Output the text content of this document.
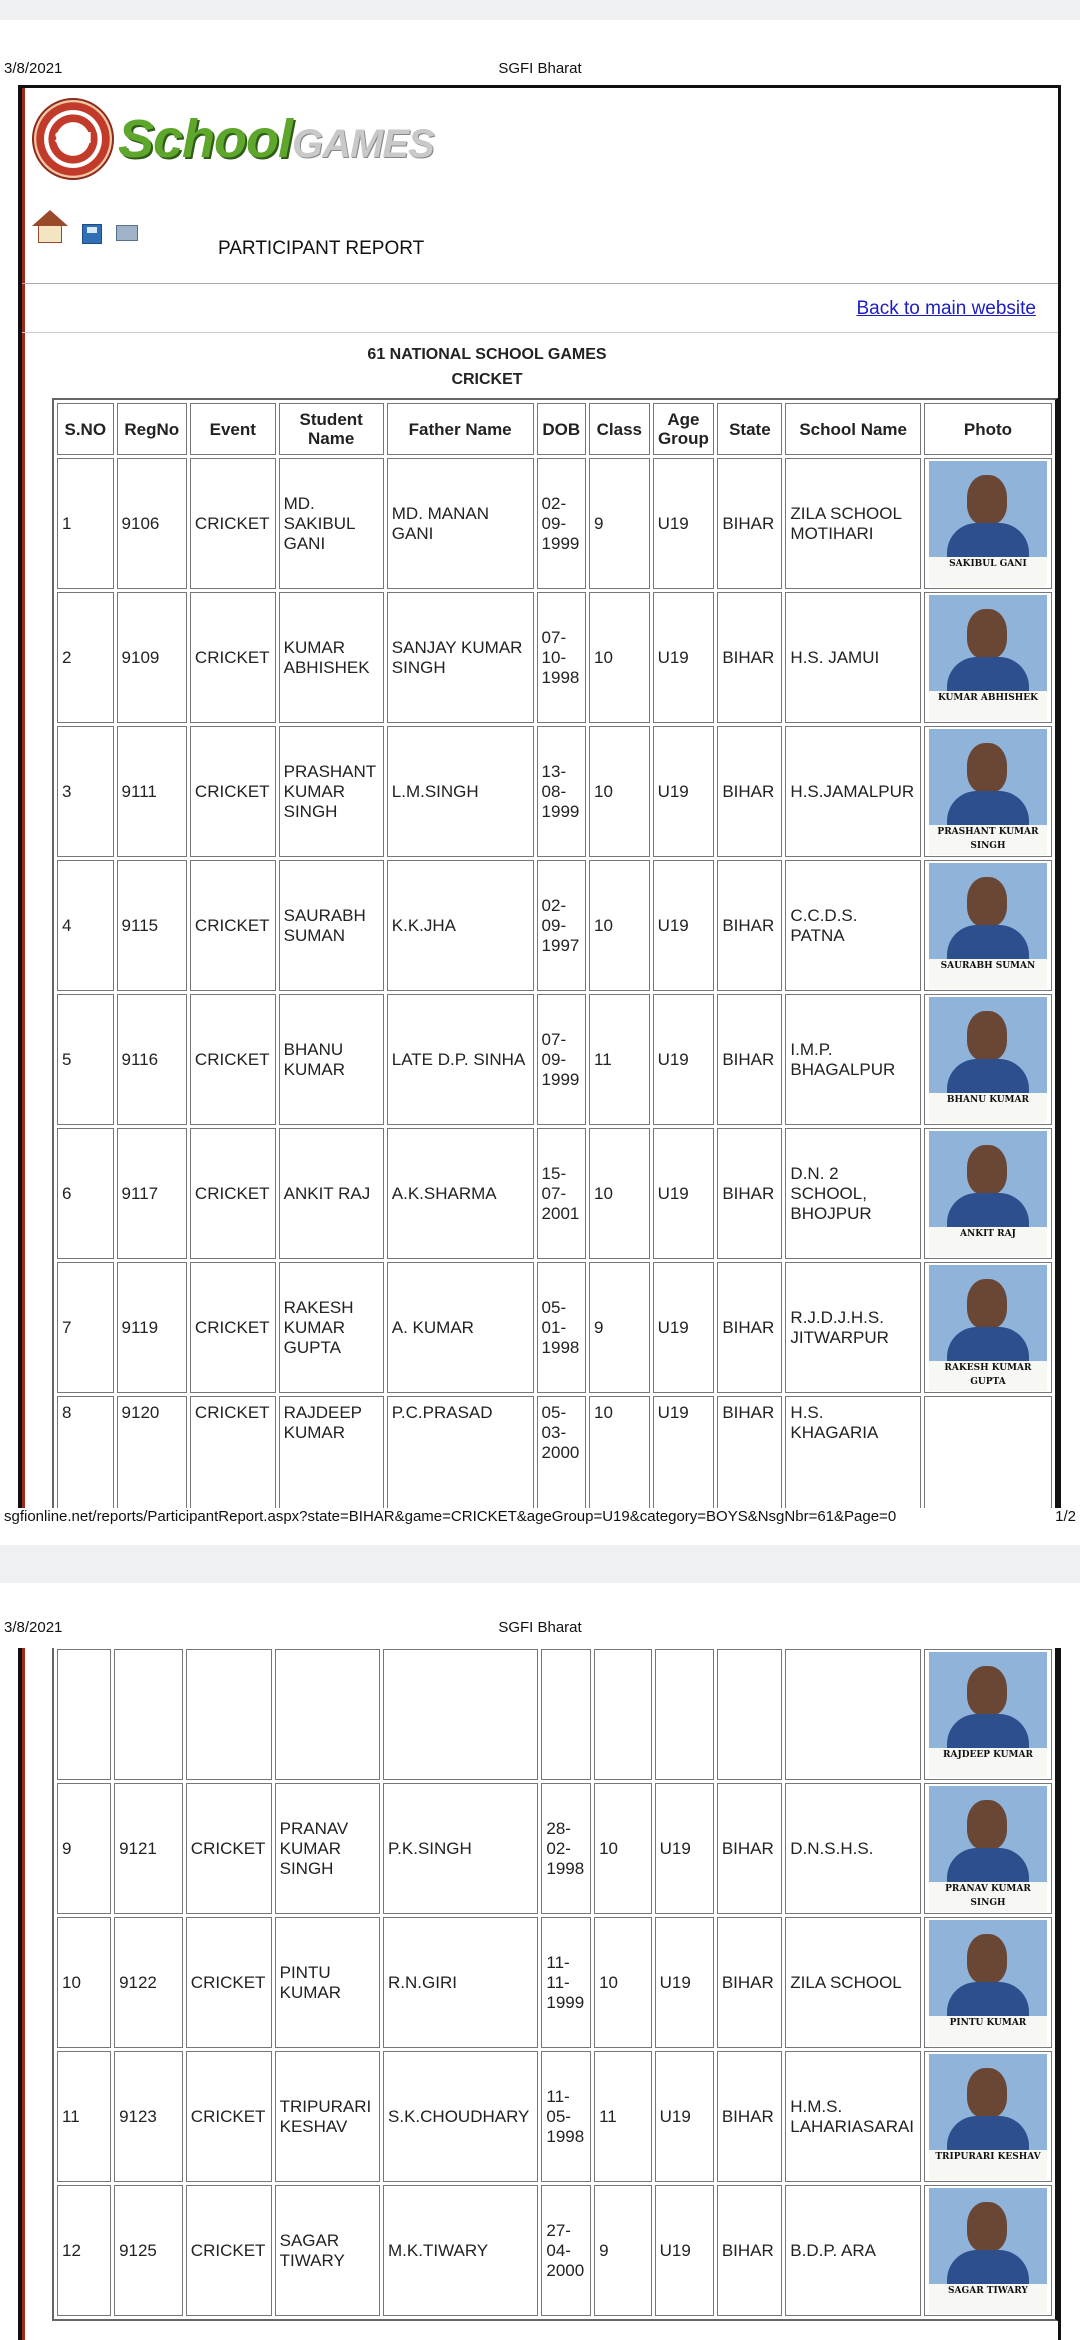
3/8/2021	SGFI Bharat
SGFI SchoolGAMES
PARTICIPANT REPORT
Back to main website
61 NATIONAL SCHOOL GAMES
CRICKET
S.NO	RegNo	Event	Student Name	Father Name	DOB	Class	Age Group	State	School Name	Photo
1	9106	CRICKET	MD. SAKIBUL GANI	MD. MANAN GANI	02-09-1999	9	U19	BIHAR	ZILA SCHOOL MOTIHARI	SAKIBUL GANI

2	9109	CRICKET	KUMAR ABHISHEK	SANJAY KUMAR SINGH	07-10-1998	10	U19	BIHAR	H.S. JAMUI	KUMAR ABHISHEK

3	9111	CRICKET	PRASHANT KUMAR SINGH	L.M.SINGH	13-08-1999	10	U19	BIHAR	H.S.JAMALPUR	PRASHANT KUMAR SINGH

4	9115	CRICKET	SAURABH SUMAN	K.K.JHA	02-09-1997	10	U19	BIHAR	C.C.D.S. PATNA	SAURABH SUMAN

5	9116	CRICKET	BHANU KUMAR	LATE D.P. SINHA	07-09-1999	11	U19	BIHAR	I.M.P. BHAGALPUR	BHANU KUMAR

6	9117	CRICKET	ANKIT RAJ	A.K.SHARMA	15-07-2001	10	U19	BIHAR	D.N. 2 SCHOOL, BHOJPUR	ANKIT RAJ

7	9119	CRICKET	RAKESH KUMAR GUPTA	A. KUMAR	05-01-1998	9	U19	BIHAR	R.J.D.J.H.S. JITWARPUR	RAKESH KUMAR GUPTA

8	9120	CRICKET	RAJDEEP KUMAR	P.C.PRASAD	05-03-2000	10	U19	BIHAR	H.S. KHAGARIA	
sgfionline.net/reports/ParticipantReport.aspx?state=BIHAR&game=CRICKET&ageGroup=U19&category=BOYS&NsgNbr=61&Page=0	1/2
3/8/2021	SGFI Bharat

										RAJDEEP KUMAR

9	9121	CRICKET	PRANAV KUMAR SINGH	P.K.SINGH	28-02-1998	10	U19	BIHAR	D.N.S.H.S.	PRANAV KUMAR SINGH

10	9122	CRICKET	PINTU KUMAR	R.N.GIRI	11-11-1999	10	U19	BIHAR	ZILA SCHOOL	PINTU KUMAR

11	9123	CRICKET	TRIPURARI KESHAV	S.K.CHOUDHARY	11-05-1998	11	U19	BIHAR	H.M.S. LAHARIASARAI	TRIPURARI KESHAV

12	9125	CRICKET	SAGAR TIWARY	M.K.TIWARY	27-04-2000	9	U19	BIHAR	B.D.P. ARA	SAGAR TIWARY
